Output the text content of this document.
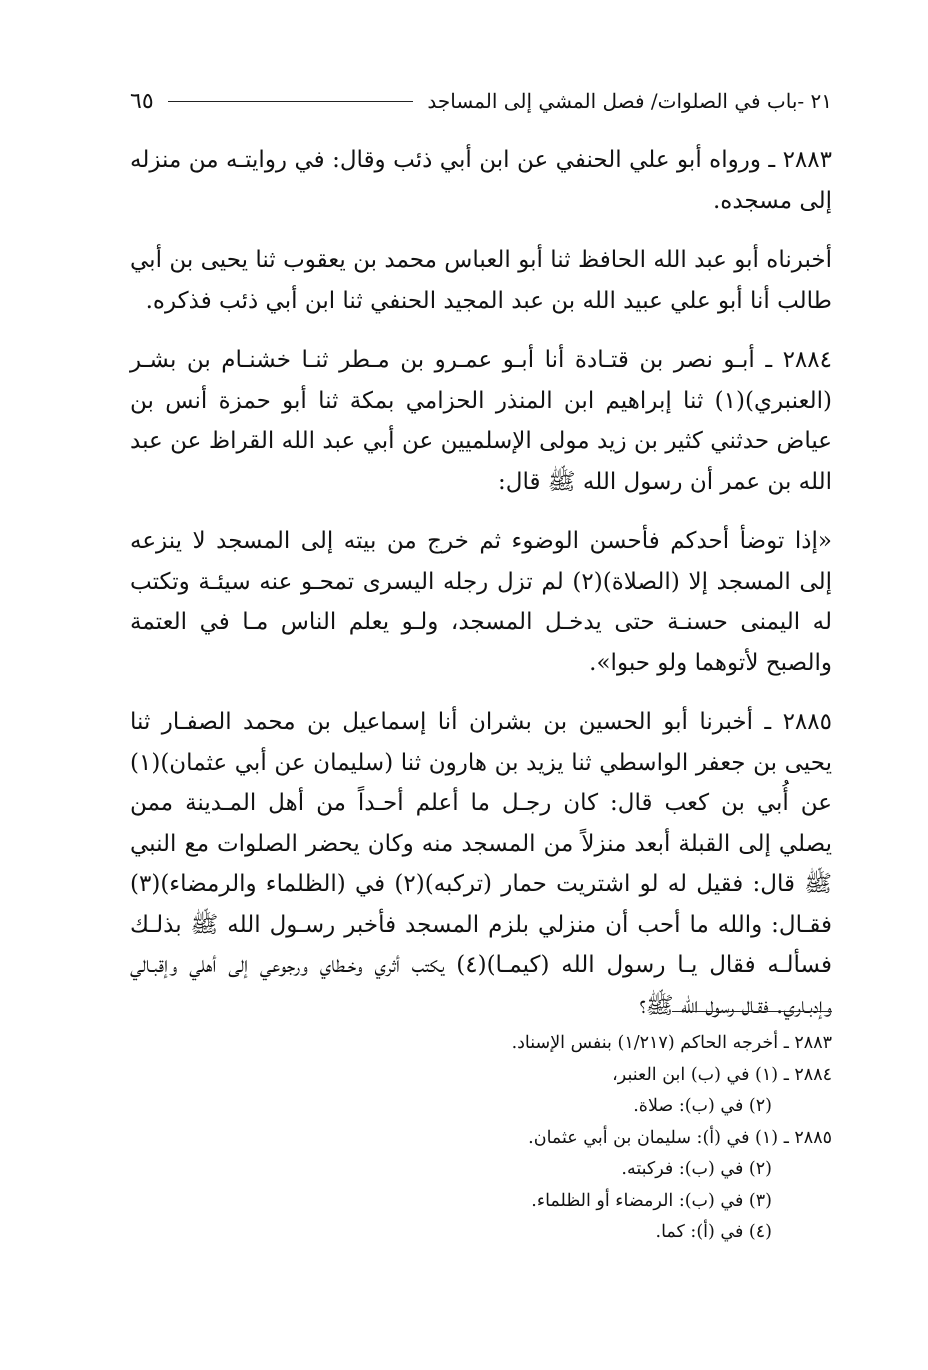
٢١ -باب في الصلوات/ فصل المشي إلى المساجد
٦٥

٢٨٨٣ ـ ورواه أبو علي الحنفي عن ابن أبي ذئب وقال: في روايتـه من منزله إلى مسجده.

أخبرناه أبو عبد الله الحافظ ثنا أبو العباس محمد بن يعقوب ثنا يحيى بن أبي طالب أنا أبو علي عبيد الله بن عبد المجيد الحنفي ثنا ابن أبي ذئب فذكره.

٢٨٨٤ ـ أبـو نصر بن قتـادة أنا أبـو عمـرو بن مـطر ثنـا خشنـام بن بشـر (العنبري)(١) ثنا إبراهيم ابن المنذر الحزامي بمكة ثنا أبو حمزة أنس بن عياض حدثني كثير بن زيد مولى الإسلميين عن أبي عبد الله القراظ عن عبد الله بن عمر أن رسول الله ﷺ قال:

«إذا توضأ أحدكم فأحسن الوضوء ثم خرج من بيته إلى المسجد لا ينزعه إلى المسجد إلا (الصلاة)(٢) لم تزل رجله اليسرى تمحـو عنه سيئـة وتكتب له اليمنى حسنـة حتى يدخـل المسجد، ولـو يعلم الناس مـا في العتمة والصبح لأتوهما ولو حبوا».

٢٨٨٥ ـ أخبرنا أبو الحسين بن بشران أنا إسماعيل بن محمد الصفـار ثنا يحيى بن جعفر الواسطي ثنا يزيد بن هارون ثنا (سليمان عن أبي عثمان)(١) عن أُبي بن كعب قال: كان رجـل ما أعلم أحـداً من أهل المـدينة ممن يصلي إلى القبلة أبعد منزلاً من المسجد منه وكان يحضر الصلوات مع النبي ﷺ قال: فقيل له لو اشتريت حمار (تركبه)(٢) في (الظلماء والرمضاء)(٣) فقـال: والله ما أحب أن منزلي بلزم المسجد فأخبر رسـول الله ﷺ بذلـك فسألـه فقال يـا رسول الله (كيمـا)(٤) يكتب أثري وخـطاي ورجوعي إلى أهلي وإقبـالي وإدبـاري. فقـال رسول الله ﷺ؟

٢٨٨٣ ـ

أخرجه الحاكم (١/٢١٧) بنفس الإسناد.
٢٨٨٤ ـ

(١) في (ب) ابن العنبر،
(٢) في (ب): صلاة.
٢٨٨٥ ـ

(١) في (أ): سليمان بن أبي عثمان.
(٢) في (ب): فركبته.
(٣) في (ب): الرمضاء أو الظلماء.
(٤) في (أ): كما.
